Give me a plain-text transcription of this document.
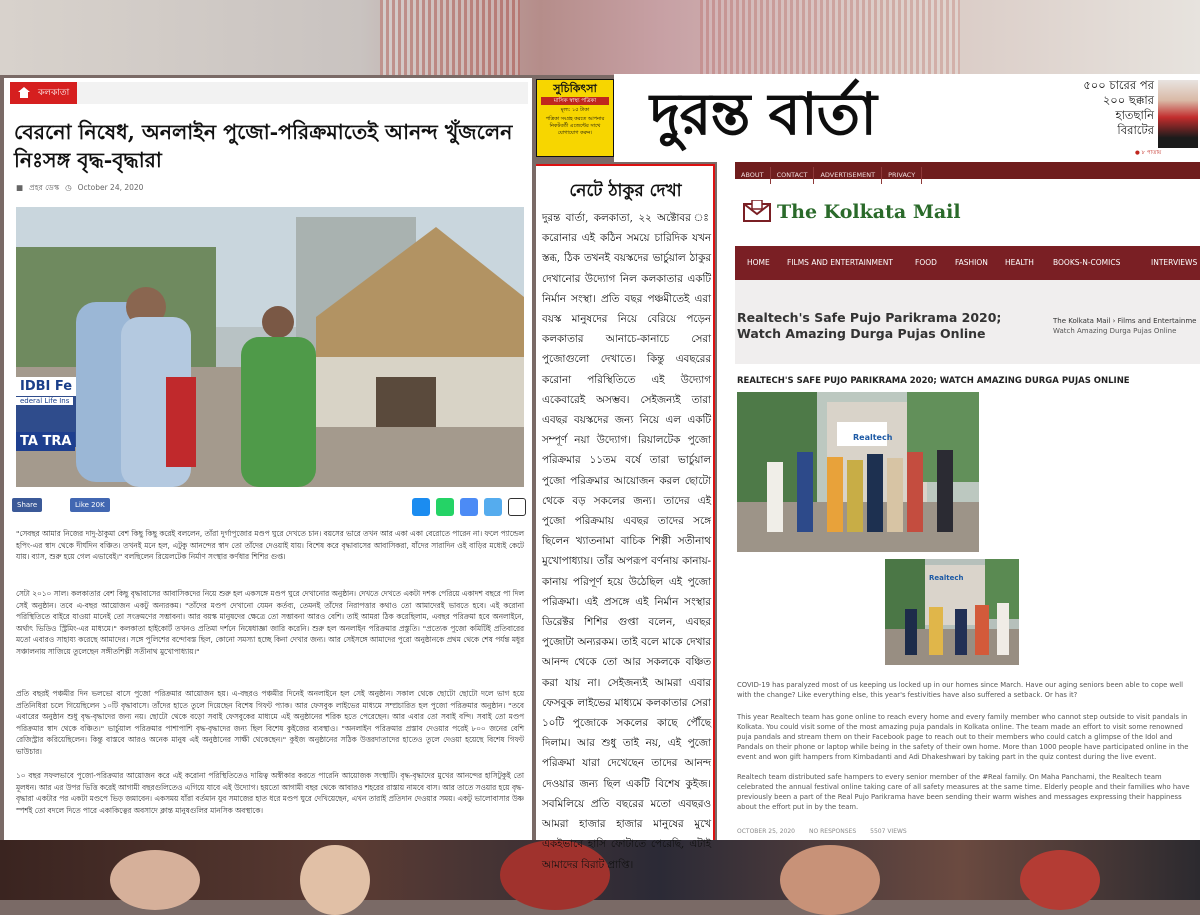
কলকাতা
বেরনো নিষেধ, অনলাইন পুজো-পরিক্রমাতেই আনন্দ খুঁজলেন নিঃসঙ্গ বৃদ্ধ-বৃদ্ধারা
■ প্রহর ডেস্ক ◷ October 24, 2020
IDBI Fe
ederal Life Ins
TA TRA
Share	Like 20K

"সেবছর আমার নিজের দাদু-ঠাকুমা বেশ কিছু কিছু করেই বললেন, তাঁরা দুর্গাপুজোর মণ্ডপ ঘুরে দেখতে চান। বয়সের ভারে তখন আর একা একা বেরোতে পারেন না। ফলে প্যান্ডেল হপিং-এর স্বাদ থেকে দীর্ঘদিন বঞ্চিত। তখনই মনে হল, এটুকু আনন্দের স্বাদ তো তাঁদের দেওয়াই যায়। বিশেষ করে বৃদ্ধাবাসের আবাসিকরা, যাঁদের সারাদিন ওই বাড়ির মধ্যেই কেটে যায়। ব্যাস, শুরু হয়ে গেল এভাবেই।" বলছিলেন রিয়েলটেক নির্মাণ সংস্থার কর্ণধার শিশির গুপ্ত।

সেটা ২০১০ সাল। কলকাতার বেশ কিছু বৃদ্ধাবাসের আবাসিকদের নিয়ে শুরু হল একসঙ্গে মণ্ডপ ঘুরে দেখানোর অনুষ্ঠান। দেখতে দেখতে একটা দশক পেরিয়ে একাদশ বছরে পা দিল সেই অনুষ্ঠান। তবে এ-বছর আয়োজন একটু অন্যরকম। "তাঁদের মণ্ডপ দেখানো যেমন কর্তব্য, তেমনই তাঁদের নিরাপত্তার কথাও তো আমাদেরই ভাবতে হবে। এই করোনা পরিস্থিতিতে বাইরে যাওয়া মানেই তো সংক্রমণের সম্ভাবনা। আর বয়স্ক মানুষদের ক্ষেত্রে তো সম্ভাবনা আরও বেশি। তাই আমরা ঠিক করেছিলাম, এবছর পরিক্রমা হবে অনলাইনে, অর্থাৎ ভিডিও স্ট্রিমিং-এর মাধ্যমে।" কলকাতা হাইকোর্ট তখনও প্রতিমা দর্শনে নিষেধাজ্ঞা জারি করেনি। শুরু হল অনলাইন পরিক্রমার প্রস্তুতি। "প্রত্যেক পুজো কমিটিই প্রতিবারের মতো এবারও সাহায্য করেছে আমাদের। সঙ্গে পুলিশের বন্দোবস্ত ছিল, কোনো সমস্যা হচ্ছে কিনা দেখার জন্য। আর সেইসঙ্গে আমাদের পুরো অনুষ্ঠানকে প্রথম থেকে শেষ পর্যন্ত মধুর সঞ্চালনায় সাজিয়ে তুলেছেন সঙ্গীতশিল্পী সতীনাথ মুখোপাধ্যায়।"

প্রতি বছরই পঞ্চমীর দিন ভলভো বাসে পুজো পরিক্রমার আয়োজন হয়। এ-বছরও পঞ্চমীর দিনেই অনলাইনে হল সেই অনুষ্ঠান। সকাল থেকে ছোটো ছোটো দলে ভাগ হয়ে প্রতিনিধিরা চলে গিয়েছিলেন ১০টি বৃদ্ধাবাসে। তাঁদের হাতে তুলে দিয়েছেন বিশেষ গিফট প্যাক। আর ফেসবুক লাইভের মাধ্যমে সম্প্রচারিত হল পুজো পরিক্রমার অনুষ্ঠান। "তবে এবারের অনুষ্ঠান শুধু বৃদ্ধ-বৃদ্ধাদের জন্য নয়। ছোটো থেকে বড়ো সবাই ফেসবুকের মাধ্যমে এই অনুষ্ঠানের শরিক হতে পেরেছেন। আর এবার তো সবাই বন্দি। সবাই তো মণ্ডপ পরিক্রমার স্বাদ থেকে বঞ্চিত।" ভার্চুয়াল পরিক্রমার পাশাপাশি বৃদ্ধ-বৃদ্ধাদের জন্য ছিল বিশেষ কুইজের ব্যবস্থাও। "অনলাইন পরিক্রমার প্রস্তাব দেওয়ার পরেই ৮০০ জনের বেশি রেজিস্ট্রার করিয়েছিলেন। কিন্তু বাস্তবে আরও অনেক মানুষ এই অনুষ্ঠানের সাক্ষী থেকেছেন।" কুইজ অনুষ্ঠানের সঠিক উত্তরদাতাদের হাতেও তুলে দেওয়া হয়েছে বিশেষ গিফট ভাউচার।

১০ বছর সফলভাবে পুজো-পরিক্রমার আয়োজন করে এই করোনা পরিস্থিতিতেও দায়িত্ব অস্বীকার করতে পারেনি আয়োজক সংস্থাটি। বৃদ্ধ-বৃদ্ধাদের মুখের আনন্দের হাসিটুকুই তো মূলধন। আর এর উপর ভিত্তি করেই আগামী বছরগুলিতেও এগিয়ে যাবে এই উদ্যোগ। হয়তো আগামী বছর থেকে আবারও শহরের রাস্তায় নামবে বাস। আর তাতে সওয়ার হয়ে বৃদ্ধ-বৃদ্ধারা একটার পর একটা মণ্ডপে ভিড় জমাবেন। একসময় যাঁরা বর্তমান যুব সমাজের হাত ধরে মণ্ডপ ঘুরে দেখিয়েছেন, এখন তারাই প্রতিদান দেওয়ার সময়। একটু ভালোবাসার উষ্ণ স্পর্শই তো বদলে দিতে পারে একাকিত্বের অবসাদে ক্লান্ত মানুষগুলির মানসিক অবস্থাকে।

সুচিকিৎসা
মাসিক স্বাস্থ্য পত্রিকা
মূল্য: ১৫ টাকা
পত্রিকা সংগ্রহ করতে আপনার নিকটবর্তী এজেন্টের সাথে যোগাযোগ করুন। দুরন্ত বার্তা	৫০০ চারের পর ২০০ ছক্কার হাতছানি বিরাটের
● ৮ পাতায়
নেটে ঠাকুর দেখা
দুরন্ত বার্তা, কলকাতা, ২২ অক্টোবর ঃ করোনার এই কঠিন সময়ে চারিদিক যখন স্তব্ধ, ঠিক তখনই বয়স্কদের ভার্চুয়াল ঠাকুর দেখানোর উদ্যোগ নিল কলকাতার একটি নির্মান সংস্থা। প্রতি বছর পঞ্চমীতেই এরা বয়স্ক মানুষদের নিয়ে বেরিয়ে পড়েন কলকাতার আনাচে-কানাচে সেরা পুজোগুলো দেখাতে। কিন্তু এবছরের করোনা পরিস্থিতিতে এই উদ্যোগ একেবারেই অসম্ভব। সেইজন্যই তারা এবছর বয়স্কদের জন্য নিয়ে এল একটি সম্পূর্ণ নয়া উদ্যোগ। রিয়ালটেক পুজো পরিক্রমার ১১তম বর্ষে তারা ভার্চুয়াল পুজো পরিক্রমার আয়োজন করল ছোটো থেকে বড় সকলের জন্য। তাদের এই পুজো পরিক্রমায় এবছর তাদের সঙ্গে ছিলেন খ্যাতনামা বাচিক শিল্পী সতীনাথ মুখোপাধ্যায়। তাঁর অপরূপ বর্ণনায় কানায়-কানায় পরিপূর্ণ হয়ে উঠেছিল এই পুজো পরিক্রমা। এই প্রসঙ্গে এই নির্মান সংস্থার ডিরেক্টর শিশির গুপ্তা বলেন, এবছর পুজোটা অন্যরকম। তাই বলে মাকে দেখার আনন্দ থেকে তো আর সকলকে বঞ্চিত করা যায় না। সেইজন্যই আমরা এবার ফেসবুক লাইভের মাধ্যমে কলকাতার সেরা ১০টি পুজোকে সকলের কাছে পৌঁছে দিলাম। আর শুধু তাই নয়, এই পুজো পরিক্রমা যারা দেখেছেন তাদের আনন্দ দেওয়ার জন্য ছিল একটি বিশেষ কুইজ। সবমিলিয়ে প্রতি বছরের মতো এবছরও আমরা হাজার হাজার মানুষের মুখে একইভাবে হাসি ফোটাতে পেরেছি, এটাই আমাদের বিরাট প্রাপ্তি।
ABOUT CONTACT ADVERTISEMENT PRIVACY
The Kolkata Mail
HOME FILMS AND ENTERTAINMENT	FOOD FASHION HEALTH	BOOKS-N-COMICS	INTERVIEWS
Realtech's Safe Pujo Parikrama 2020; Watch Amazing Durga Pujas Online
The Kolkata Mail › Films and Entertainme
Watch Amazing Durga Pujas Online
REALTECH'S SAFE PUJO PARIKRAMA 2020; WATCH AMAZING DURGA PUJAS ONLINE
Realtech
Realtech

COVID-19 has paralyzed most of us keeping us locked up in our homes since March. Have our aging seniors been able to cope well with the change? Like everything else, this year's festivities have also suffered a setback. Or has it?

This year Realtech team has gone online to reach every home and every family member who cannot step outside to visit pandals in Kolkata. You could visit some of the most amazing puja pandals in Kolkata online. The team made an effort to visit some renowned puja pandals and stream them on their Facebook page to reach out to their members who could catch a glimpse of the Idol and Pandals on their phone or laptop while being in the safety of their own home. More than 1000 people have participated online in the event and won gift hampers from Kimbadanti and Adi Dhakeshwari by taking part in the quiz contest during the live event.

Realtech team distributed safe hampers to every senior member of the #Real family. On Maha Panchami, the Realtech team celebrated the annual festival online taking care of all safety measures at the same time. Elderly people and their families who have previously been a part of the Real Pujo Parikrama have been sending their warm wishes and messages expressing their happiness about the effort put in by the team.

OCTOBER 25, 2020 NO RESPONSES 5507 VIEWS
